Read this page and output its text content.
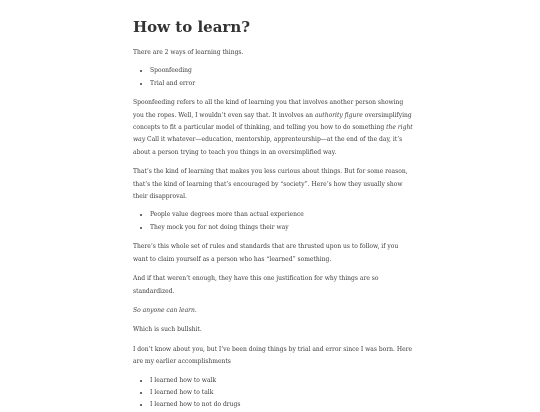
How to learn?

There are 2 ways of learning things.

• Spoonfeeding
• Trial and error

Spoonfeeding refers to all the kind of learning you that involves another person showing you the ropes. Well, I wouldn’t even say that. It involves an authority figure oversimplifying concepts to fit a particular model of thinking, and telling you how to do something the right way Call it whatever—education, mentorship, apprenteurship—at the end of the day, it’s about a person trying to teach you things in an oversimplified way.

That’s the kind of learning that makes you less curious about things. But for some reason, that’s the kind of learning that’s encouraged by “society”. Here’s how they usually show their disapproval.

• People value degrees more than actual experience
• They mock you for not doing things their way

There’s this whole set of rules and standards that are thrusted upon us to follow, if you want to claim yourself as a person who has “learned” something.

And if that weren’t enough, they have this one justification for why things are so standardized.

So anyone can learn.

Which is such bullshit.

I don’t know about you, but I’ve been doing things by trial and error since I was born. Here are my earlier accomplishments

• I learned how to walk
• I learned how to talk
• I learned how to not do drugs
